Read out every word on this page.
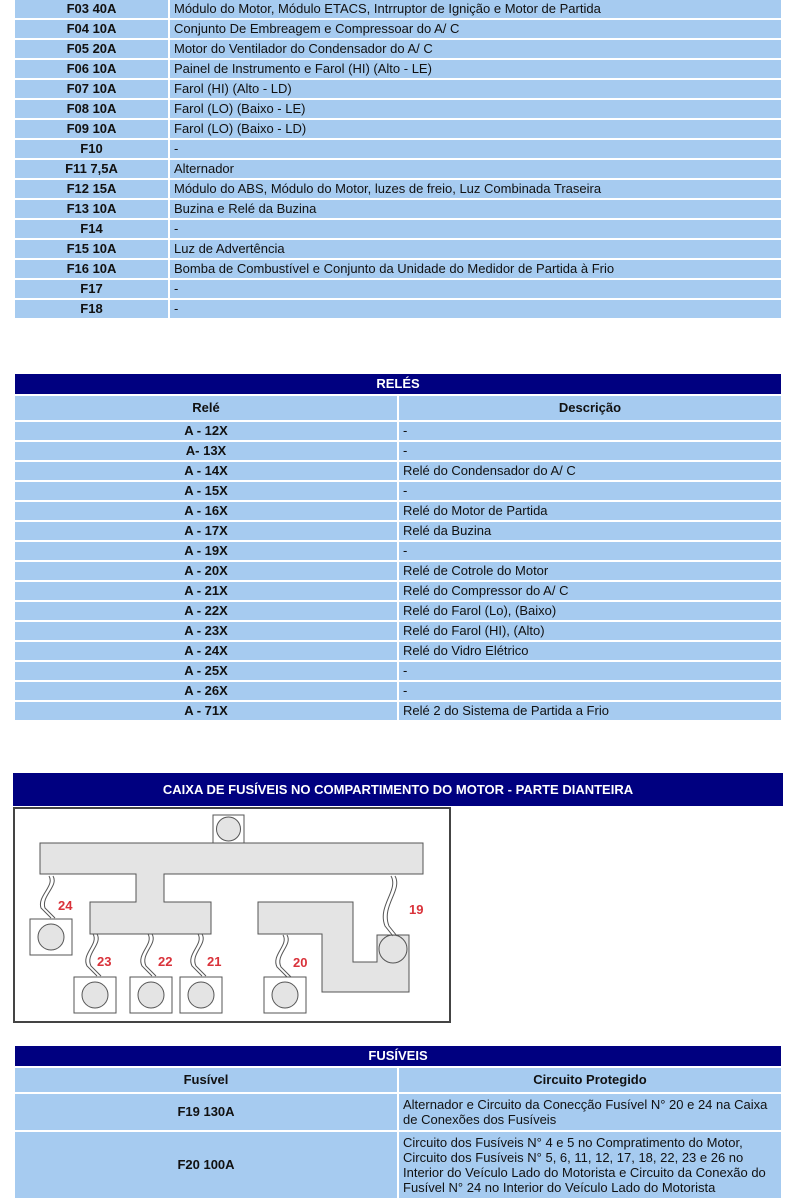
F03 40A	Módulo do Motor, Módulo ETACS, Intrruptor de Ignição e Motor de Partida
F04 10A	Conjunto De Embreagem e Compressoar do A/ C
F05 20A	Motor do Ventilador do Condensador do A/ C
F06 10A	Painel de Instrumento e Farol (HI) (Alto - LE)
F07 10A	Farol (HI) (Alto - LD)
F08 10A	Farol (LO) (Baixo - LE)
F09 10A	Farol (LO) (Baixo - LD)
F10	-
F11 7,5A	Alternador
F12 15A	Módulo do ABS, Módulo do Motor, luzes de freio, Luz Combinada Traseira
F13 10A	Buzina e Relé da Buzina
F14	-
F15 10A	Luz de Advertência
F16 10A	Bomba de Combustível e Conjunto da Unidade do Medidor de Partida à Frio
F17	-
F18	-
RELÉS	
Relé	Descrição
A - 12X	-
A- 13X	-
A - 14X	Relé do Condensador do A/ C
A - 15X	-
A - 16X	Relé do Motor de Partida
A - 17X	Relé da Buzina
A - 19X	-
A - 20X	Relé de Cotrole do Motor
A - 21X	Relé do Compressor do A/ C
A - 22X	Relé do Farol (Lo), (Baixo)
A - 23X	Relé do Farol (HI), (Alto)
A - 24X	Relé do Vidro Elétrico
A - 25X	-
A - 26X	-
A - 71X	Relé 2 do Sistema de Partida a Frio
CAIXA DE FUSÍVEIS NO COMPARTIMENTO DO MOTOR - PARTE DIANTEIRA
24
23	22	21	20
19
FUSÍVEIS	
Fusível	Circuito Protegido
F19 130A	Alternador e Circuito da Conecção Fusível N° 20 e 24 na Caixa de Conexões dos Fusíveis
F20 100A	Circuito dos Fusíveis N° 4 e 5 no Compratimento do Motor, Circuito dos Fusíveis N° 5, 6, 11, 12, 17, 18, 22, 23 e 26 no Interior do Veículo Lado do Motorista e Circuito da Conexão do Fusível N° 24 no Interior do Veículo Lado do Motorista
